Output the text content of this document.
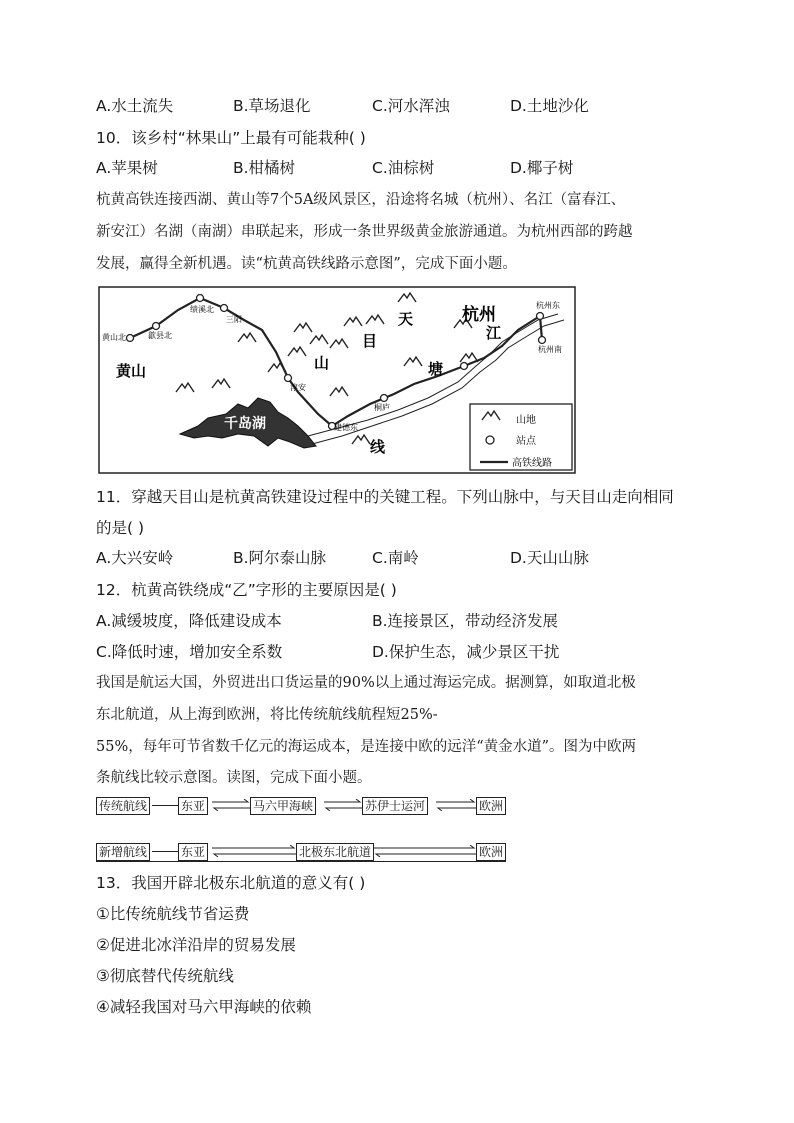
A.水土流失	B.草场退化	C.河水浑浊	D.土地沙化
10．该乡村“林果山”上最有可能栽种( )
A.苹果树	B.柑橘树	C.油棕树	D.椰子树
杭黄高铁连接西湖、黄山等7个5A级风景区，沿途将名城（杭州）、名江（富春江、
新安江）名湖（南湖）串联起来，形成一条世界级黄金旅游通道。为杭州西部的跨越
发展，赢得全新机遇。读“杭黄高铁线路示意图”，完成下面小题。
黄山北	歙县北
绩溪北
三阳
淳安
建德东
桐庐
杭州东
杭州南
杭州
江
天
目
山	塘
线
黄山
千岛湖	山地
站点
高铁线路
11．穿越天目山是杭黄高铁建设过程中的关键工程。下列山脉中，与天目山走向相同
的是( )
A.大兴安岭	B.阿尔泰山脉	C.南岭	D.天山山脉
12．杭黄高铁绕成“乙”字形的主要原因是( )
A.减缓坡度，降低建设成本	B.连接景区，带动经济发展
C.降低时速，增加安全系数	D.保护生态，减少景区干扰
我国是航运大国，外贸进出口货运量的90%以上通过海运完成。据测算，如取道北极
东北航道，从上海到欧洲，将比传统航线航程短25%-
55%，每年可节省数千亿元的海运成本，是连接中欧的远洋“黄金水道”。图为中欧两
条航线比较示意图。读图，完成下面小题。
传统航线	东亚	马六甲海峡	苏伊士运河	欧洲
新增航线	东亚	北极东北航道	欧洲
13．我国开辟北极东北航道的意义有( )
①比传统航线节省运费
②促进北冰洋沿岸的贸易发展
③彻底替代传统航线
④减轻我国对马六甲海峡的依赖
